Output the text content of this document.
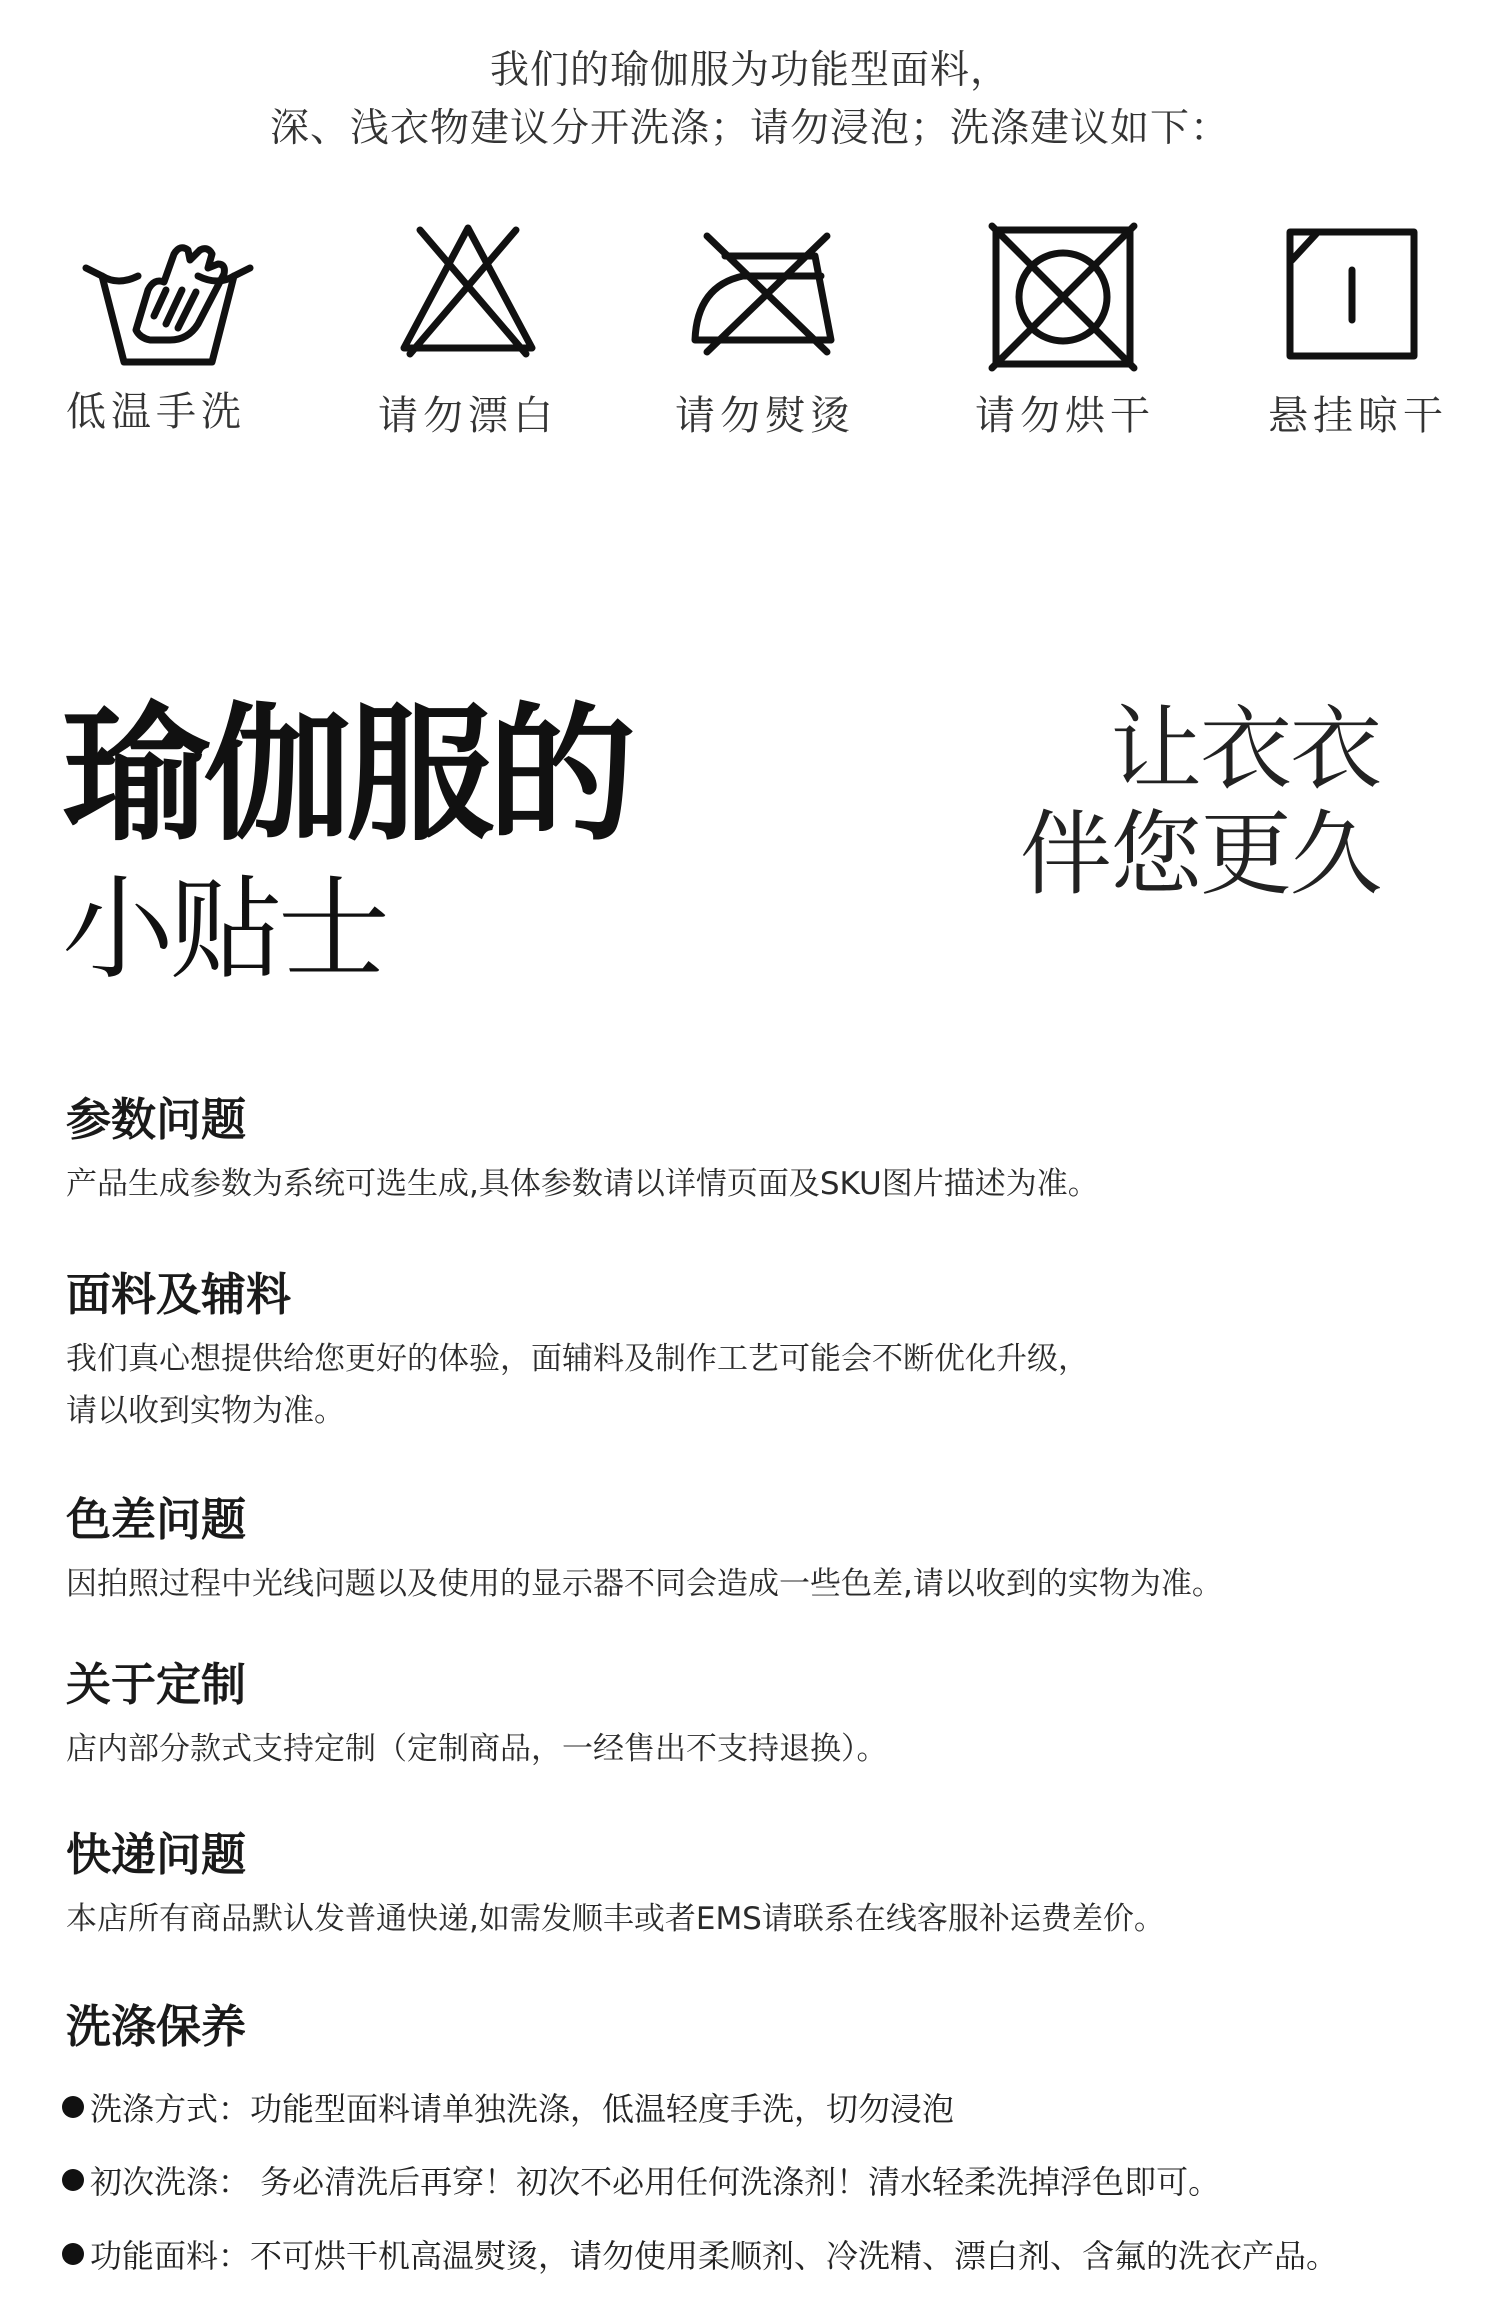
我们的瑜伽服为功能型面料，
深、浅衣物建议分开洗涤；请勿浸泡；洗涤建议如下：
低温手洗	请勿漂白	请勿熨烫	请勿烘干	悬挂晾干
瑜伽服的
小贴士
让衣衣
伴您更久
参数问题

产品生成参数为系统可选生成,具体参数请以详情页面及SKU图片描述为准。

面料及辅料

我们真心想提供给您更好的体验，面辅料及制作工艺可能会不断优化升级，

请以收到实物为准。

色差问题

因拍照过程中光线问题以及使用的显示器不同会造成一些色差,请以收到的实物为准。

关于定制

店内部分款式支持定制（定制商品，一经售出不支持退换）。

快递问题

本店所有商品默认发普通快递,如需发顺丰或者EMS请联系在线客服补运费差价。

洗涤保养
洗涤方式：功能型面料请单独洗涤，低温轻度手洗，切勿浸泡
初次洗涤： 务必清洗后再穿！初次不必用任何洗涤剂！清水轻柔洗掉浮色即可。
功能面料：不可烘干机高温熨烫，请勿使用柔顺剂、冷洗精、漂白剂、含氟的洗衣产品。
